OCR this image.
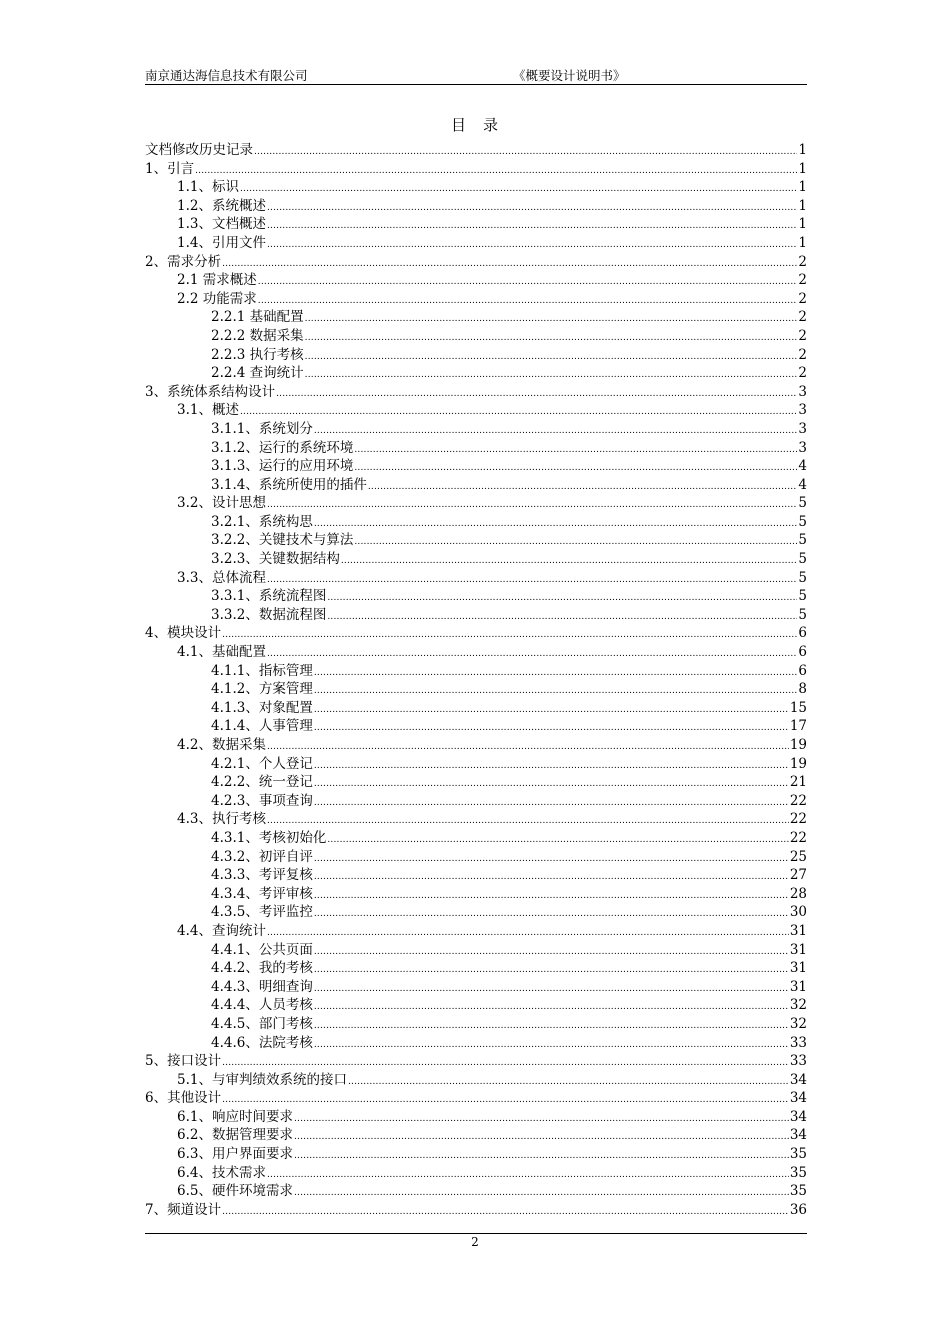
南京通达海信息技术有限公司	《概要设计说明书》
目　录
文档修改历史记录 .....	1
1、引言 .....	1
1.1、标识 .....	1
1.2、系统概述 .....	1
1.3、文档概述 .....	1
1.4、引用文件 .....	1
2、需求分析 .....	2
2.1 需求概述 .....	2
2.2 功能需求 .....	2
2.2.1 基础配置 .....	2
2.2.2 数据采集 .....	2
2.2.3 执行考核 .....	2
2.2.4 查询统计 .....	2
3、系统体系结构设计 .....	3
3.1、概述 .....	3
3.1.1、系统划分 .....	3
3.1.2、运行的系统环境 .....	3
3.1.3、运行的应用环境 .....	4
3.1.4、系统所使用的插件 .....	4
3.2、设计思想 .....	5
3.2.1、系统构思 .....	5
3.2.2、关键技术与算法 .....	5
3.2.3、关键数据结构 .....	5
3.3、总体流程 .....	5
3.3.1、系统流程图 .....	5
3.3.2、数据流程图 .....	5
4、模块设计 .....	6
4.1、基础配置 .....	6
4.1.1、指标管理 .....	6
4.1.2、方案管理 .....	8
4.1.3、对象配置 .....	15
4.1.4、人事管理 .....	17
4.2、数据采集 .....	19
4.2.1、个人登记 .....	19
4.2.2、统一登记 .....	21
4.2.3、事项查询 .....	22
4.3、执行考核 .....	22
4.3.1、考核初始化 .....	22
4.3.2、初评自评 .....	25
4.3.3、考评复核 .....	27
4.3.4、考评审核 .....	28
4.3.5、考评监控 .....	30
4.4、查询统计 .....	31
4.4.1、公共页面 .....	31
4.4.2、我的考核 .....	31
4.4.3、明细查询 .....	31
4.4.4、人员考核 .....	32
4.4.5、部门考核 .....	32
4.4.6、法院考核 .....	33
5、接口设计 .....	33
5.1、与审判绩效系统的接口 .....	34
6、其他设计 .....	34
6.1、响应时间要求 .....	34
6.2、数据管理要求 .....	34
6.3、用户界面要求 .....	35
6.4、技术需求 .....	35
6.5、硬件环境需求 .....	35
7、频道设计 .....	36
2
